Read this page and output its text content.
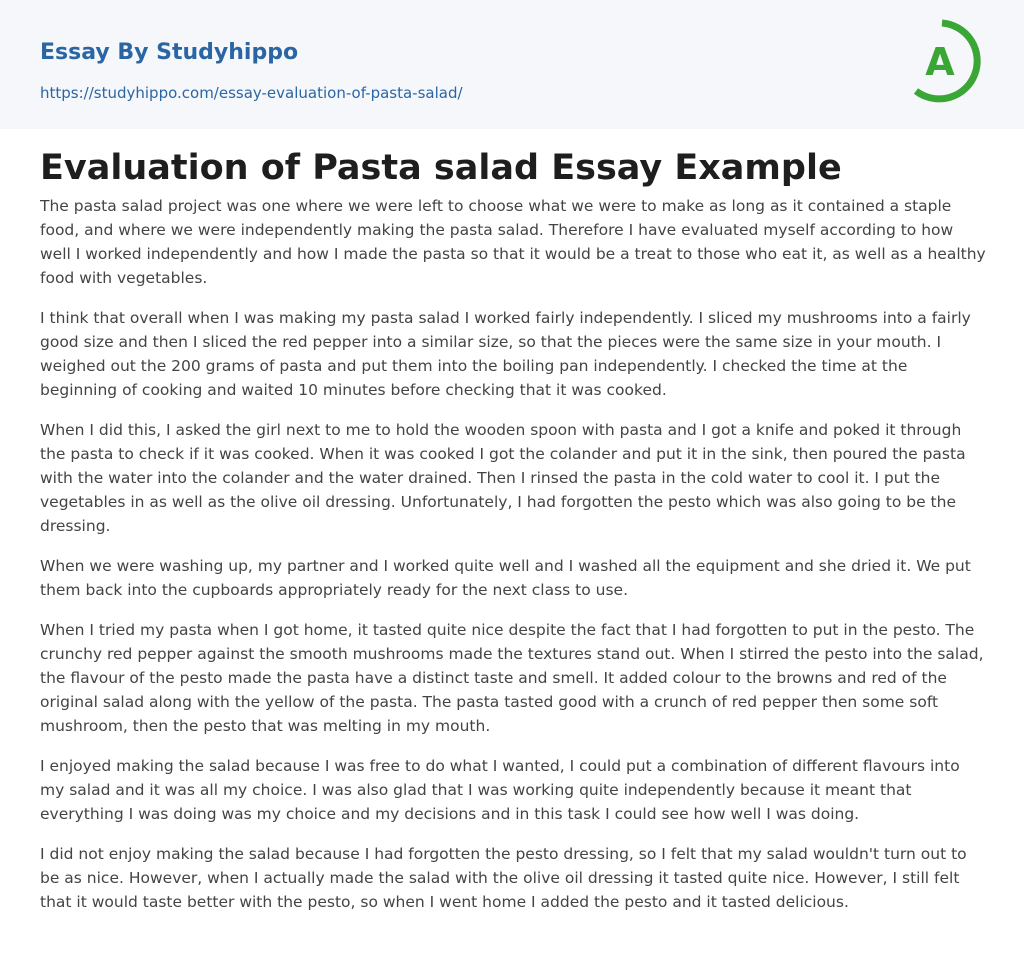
Essay By Studyhippo
https://studyhippo.com/essay-evaluation-of-pasta-salad/
A
Evaluation of Pasta salad Essay Example

The pasta salad project was one where we were left to choose what we were to make as long as it contained a staple food, and where we were independently making the pasta salad. Therefore I have evaluated myself according to how well I worked independently and how I made the pasta so that it would be a treat to those who eat it, as well as a healthy food with vegetables.

I think that overall when I was making my pasta salad I worked fairly independently. I sliced my mushrooms into a fairly good size and then I sliced the red pepper into a similar size, so that the pieces were the same size in your mouth. I weighed out the 200 grams of pasta and put them into the boiling pan independently. I checked the time at the beginning of cooking and waited 10 minutes before checking that it was cooked.

When I did this, I asked the girl next to me to hold the wooden spoon with pasta and I got a knife and poked it through the pasta to check if it was cooked. When it was cooked I got the colander and put it in the sink, then poured the pasta with the water into the colander and the water drained. Then I rinsed the pasta in the cold water to cool it. I put the vegetables in as well as the olive oil dressing. Unfortunately, I had forgotten the pesto which was also going to be the dressing.

When we were washing up, my partner and I worked quite well and I washed all the equipment and she dried it. We put them back into the cupboards appropriately ready for the next class to use.

When I tried my pasta when I got home, it tasted quite nice despite the fact that I had forgotten to put in the pesto. The crunchy red pepper against the smooth mushrooms made the textures stand out. When I stirred the pesto into the salad, the flavour of the pesto made the pasta have a distinct taste and smell. It added colour to the browns and red of the original salad along with the yellow of the pasta. The pasta tasted good with a crunch of red pepper then some soft mushroom, then the pesto that was melting in my mouth.

I enjoyed making the salad because I was free to do what I wanted, I could put a combination of different flavours into my salad and it was all my choice. I was also glad that I was working quite independently because it meant that everything I was doing was my choice and my decisions and in this task I could see how well I was doing.

I did not enjoy making the salad because I had forgotten the pesto dressing, so I felt that my salad wouldn't turn out to be as nice. However, when I actually made the salad with the olive oil dressing it tasted quite nice. However, I still felt that it would taste better with the pesto, so when I went home I added the pesto and it tasted delicious.
